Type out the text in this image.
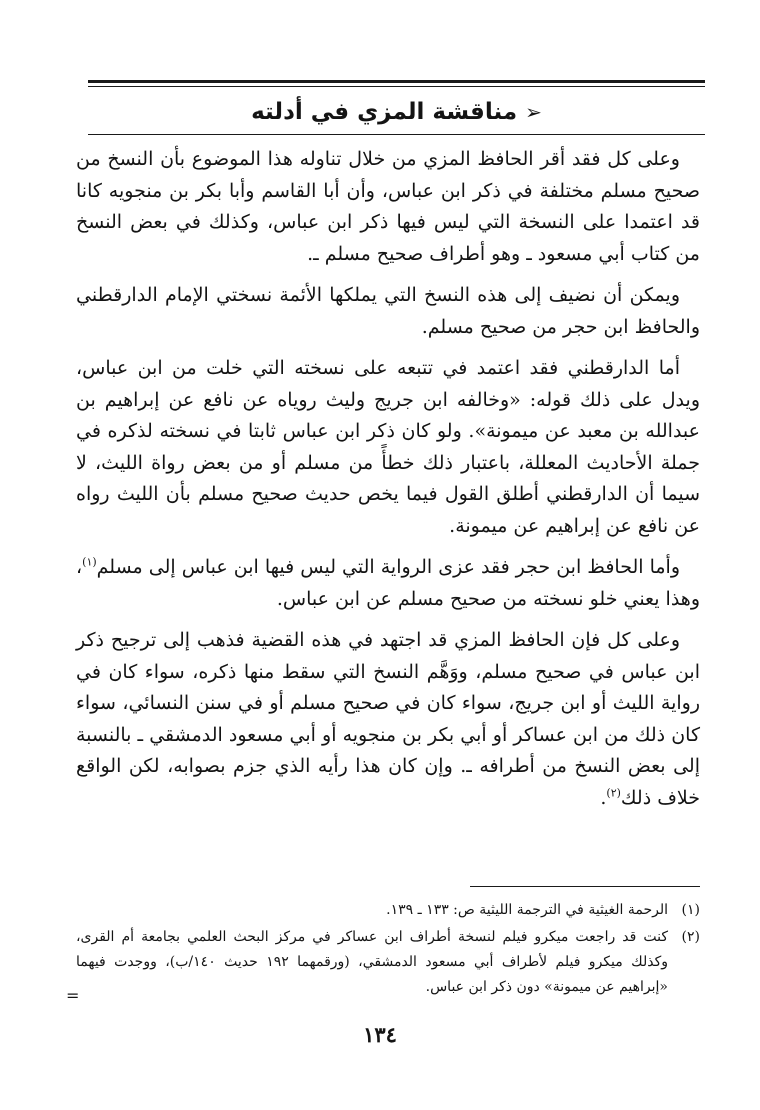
➢مناقشة المزي في أدلته

وعلى كل فقد أقر الحافظ المزي من خلال تناوله هذا الموضوع بأن النسخ من صحيح مسلم مختلفة في ذكر ابن عباس، وأن أبا القاسم وأبا بكر بن منجويه كانا قد اعتمدا على النسخة التي ليس فيها ذكر ابن عباس، وكذلك في بعض النسخ من كتاب أبي مسعود ـ وهو أطراف صحيح مسلم ـ.

ويمكن أن نضيف إلى هذه النسخ التي يملكها الأئمة نسختي الإمام الدارقطني والحافظ ابن حجر من صحيح مسلم.

أما الدارقطني فقد اعتمد في تتبعه على نسخته التي خلت من ابن عباس، ويدل على ذلك قوله: «وخالفه ابن جريج وليث روياه عن نافع عن إبراهيم بن عبدالله بن معبد عن ميمونة». ولو كان ذكر ابن عباس ثابتا في نسخته لذكره في جملة الأحاديث المعللة، باعتبار ذلك خطأً من مسلم أو من بعض رواة الليث، لا سيما أن الدارقطني أطلق القول فيما يخص حديث صحيح مسلم بأن الليث رواه عن نافع عن إبراهيم عن ميمونة.

وأما الحافظ ابن حجر فقد عزى الرواية التي ليس فيها ابن عباس إلى مسلم$^{(١)}$، وهذا يعني خلو نسخته من صحيح مسلم عن ابن عباس.

وعلى كل فإن الحافظ المزي قد اجتهد في هذه القضية فذهب إلى ترجيح ذكر ابن عباس في صحيح مسلم، ووَهَّم النسخ التي سقط منها ذكره، سواء كان في رواية الليث أو ابن جريج، سواء كان في صحيح مسلم أو في سنن النسائي، سواء كان ذلك من ابن عساكر أو أبي بكر بن منجويه أو أبي مسعود الدمشقي ـ بالنسبة إلى بعض النسخ من أطرافه ـ. وإن كان هذا رأيه الذي جزم بصوابه، لكن الواقع خلاف ذلك$^{(٢)}$.

(١)
الرحمة الغيثية في الترجمة الليثية ص: ١٣٣ ـ ١٣٩.
(٢)
كنت قد راجعت ميكرو فيلم لنسخة أطراف ابن عساكر في مركز البحث العلمي بجامعة أم القرى، وكذلك ميكرو فيلم لأطراف أبي مسعود الدمشقي، (ورقمهما ١٩٢ حديث ١٤٠/ب)، ووجدت فيهما «إبراهيم عن ميمونة» دون ذكر ابن عباس.
=
١٣٤
